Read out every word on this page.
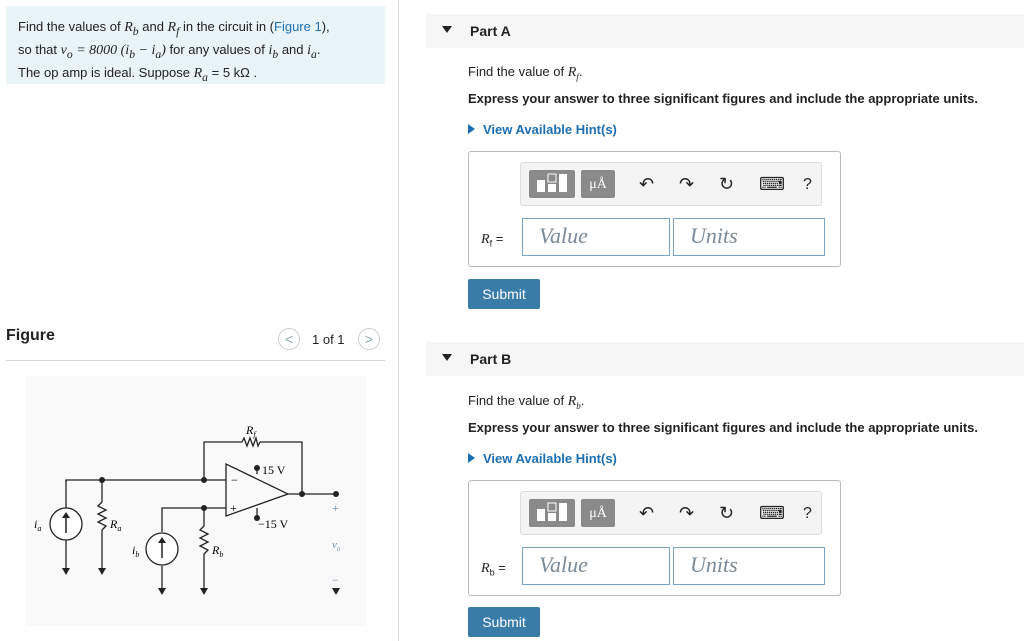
Find the values of $R_b$ and $R_f$ in the circuit in (Figure 1),
so that $v_o = 8000$ $(i_b - i_a)$ for any values of $i_b$ and $i_a$.
The op amp is ideal. Suppose $R_a = 5$ kΩ .
Figure	<	1 of 1	>
$R_f$
15 V
−15 V
$i_a$	$R_a$
$i_b$	$R_b$
$v_o$
+
−
−
+
Part A
Find the value of $R_f$.
Express your answer to three significant figures and include the appropriate units.
View Available Hint(s)
μÅ	↶ ↷ ↻ ⌨ ?
$R_f$ =	Value	Units
Submit
Part B
Find the value of $R_b$.
Express your answer to three significant figures and include the appropriate units.
View Available Hint(s)
μÅ	↶ ↷ ↻ ⌨ ?
$R_b$ =	Value	Units
Submit
